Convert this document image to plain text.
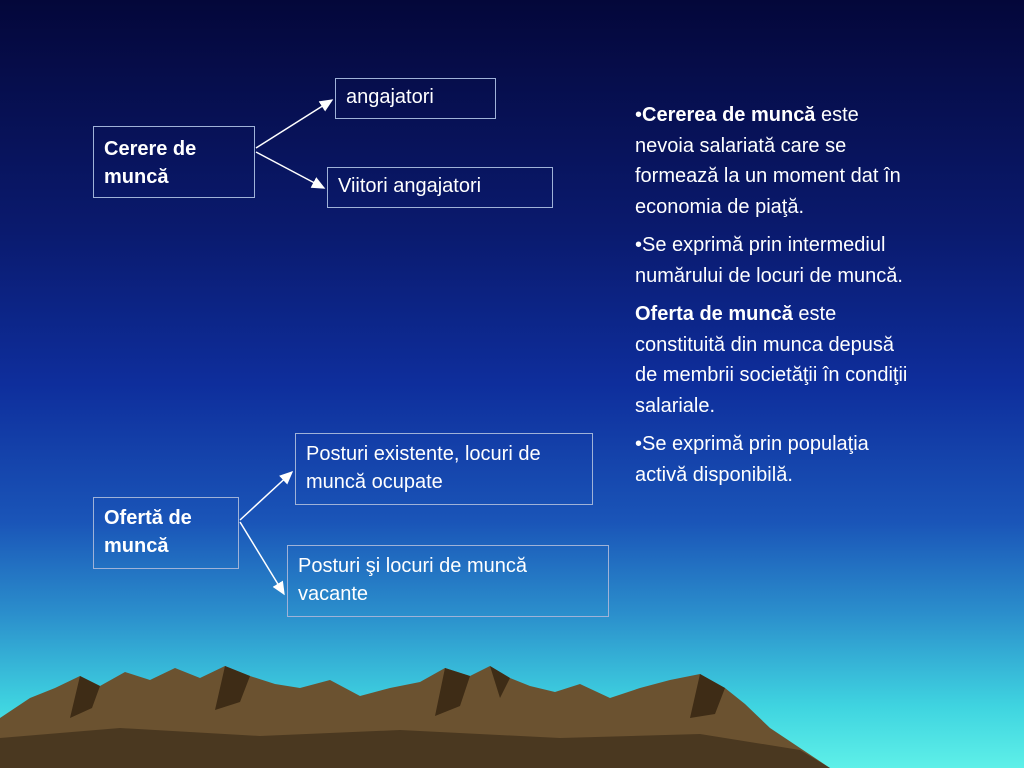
Cerere de muncă
angajatori
Viitori angajatori
Ofertă de muncă
Posturi existente, locuri de muncă ocupate
Posturi şi locuri de muncă vacante

•Cererea de muncă este nevoia salariată care se formează la un moment dat în economia de piaţă.

•Se exprimă prin intermediul numărului de locuri de muncă.

Oferta de muncă este constituită din munca depusă de membrii societăţii în condiţii salariale.

•Se exprimă prin populaţia activă disponibilă.
